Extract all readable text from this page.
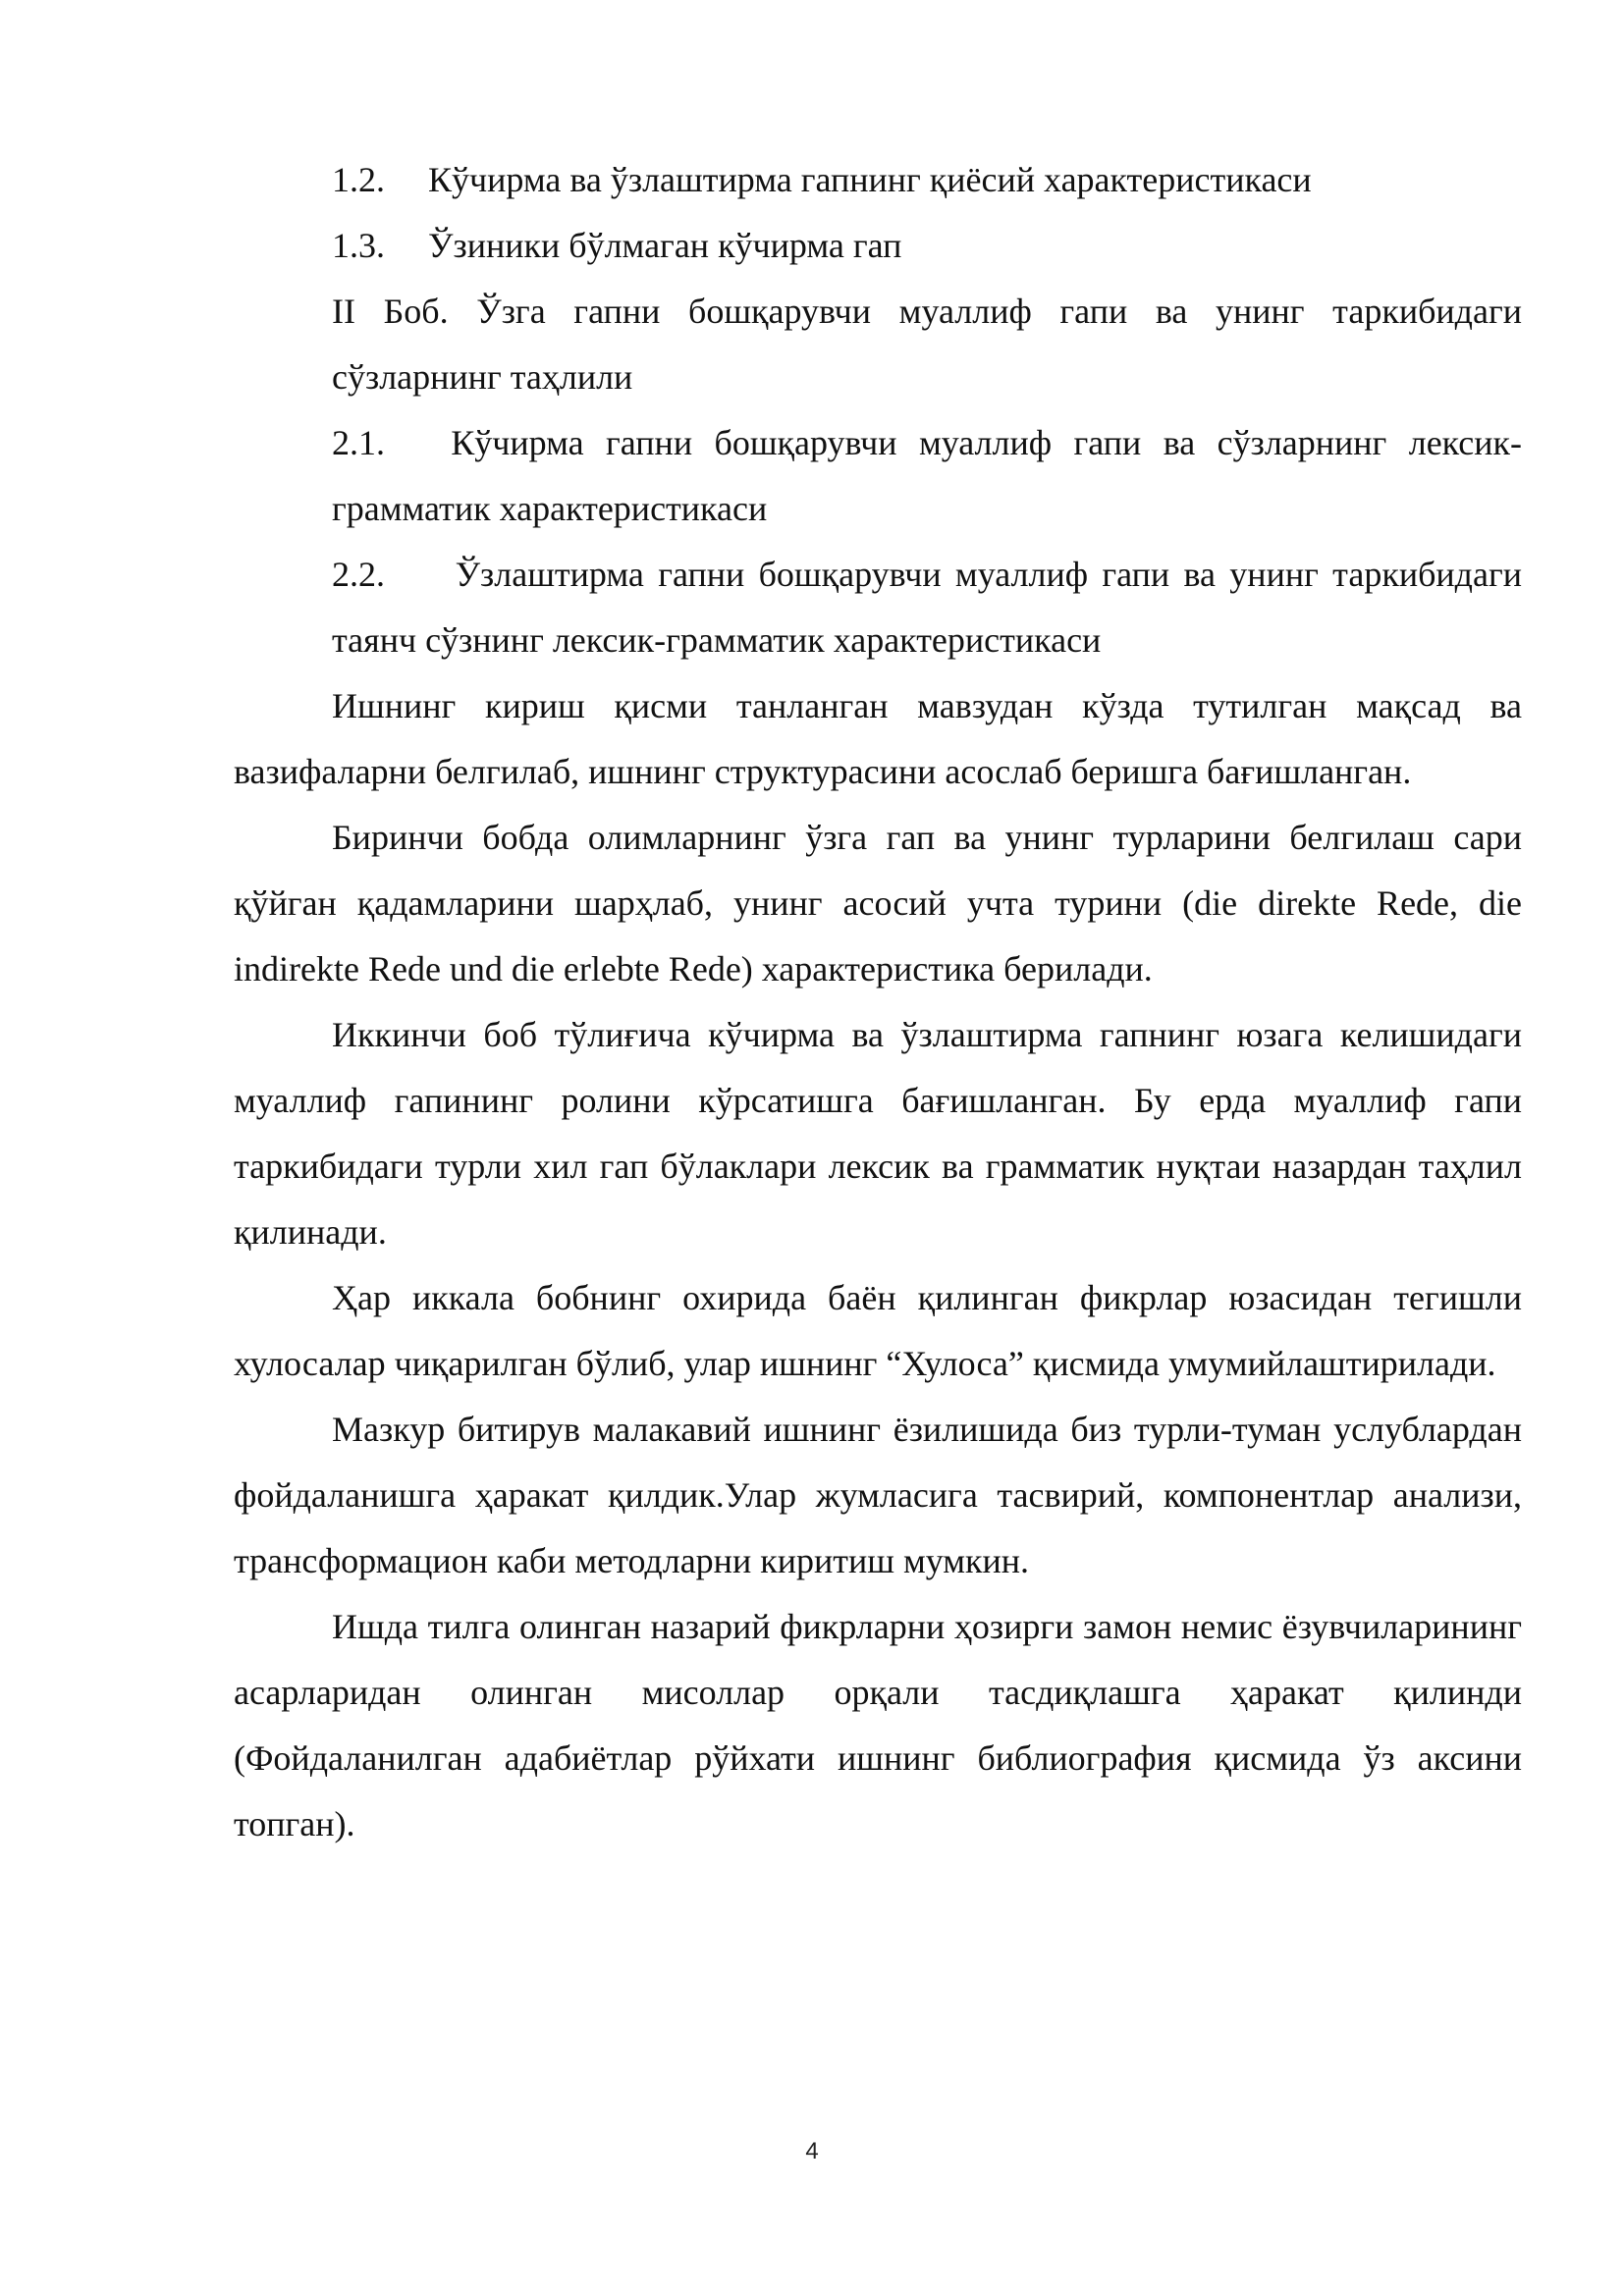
1.2.	Кўчирма ва ўзлаштирма гапнинг қиёсий характеристикаси

1.3.	Ўзиники бўлмаган кўчирма гап

II Боб. Ўзга гапни бошқарувчи муаллиф гапи ва унинг таркибидаги сўзларнинг таҳлили

2.1. Кўчирма гапни бошқарувчи муаллиф гапи ва сўзларнинг лексик-грамматик характеристикаси

2.2. Ўзлаштирма гапни бошқарувчи муаллиф гапи ва унинг таркибидаги таянч сўзнинг лексик-грамматик характеристикаси

Ишнинг кириш қисми танланган мавзудан кўзда тутилган мақсад ва вазифаларни белгилаб, ишнинг структурасини асослаб беришга бағишланган.

Биринчи бобда олимларнинг ўзга гап ва унинг турларини белгилаш сари қўйган қадамларини шарҳлаб, унинг асосий учта турини (die direkte Rede, die indirekte Rede und die erlebte Rede) характеристика берилади.

Иккинчи боб тўлиғича кўчирма ва ўзлаштирма гапнинг юзага келишидаги муаллиф гапининг ролини кўрсатишга бағишланган. Бу ерда муаллиф гапи таркибидаги турли хил гап бўлаклари лексик ва грамматик нуқтаи назардан таҳлил қилинади.

Ҳар иккала бобнинг охирида баён қилинган фикрлар юзасидан тегишли хулосалар чиқарилган бўлиб, улар ишнинг “Хулоса” қисмида умумийлаштирилади.

Мазкур битирув малакавий ишнинг ёзилишида биз турли-туман услублардан фойдаланишга ҳаракат қилдик.Улар жумласига тасвирий, компонентлар анализи, трансформацион каби методларни киритиш мумкин.

Ишда тилга олинган назарий фикрларни ҳозирги замон немис ёзувчиларининг асарларидан олинган мисоллар орқали тасдиқлашга ҳаракат қилинди (Фойдаланилган адабиётлар рўйхати ишнинг библиография қисмида ўз аксини топган).

4
